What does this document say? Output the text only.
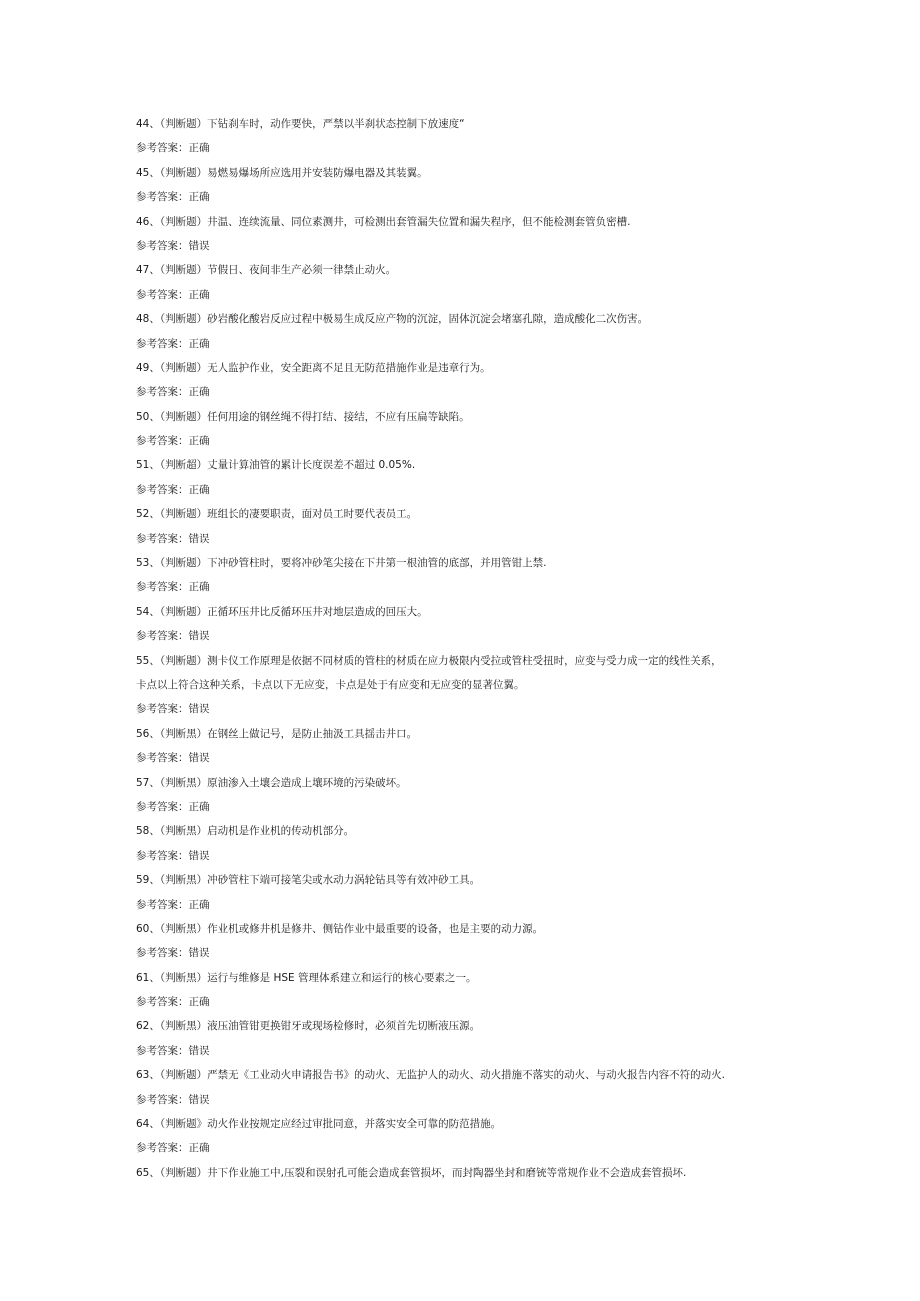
44、（判断题）下钻刹车时，动作要快，严禁以半刹状态控制下放速度“
参考答案：正确
45、（判断题）易燃易爆场所应选用并安装防爆电器及其装翼。
参考答案：正确
46、（判断题）井温、连续流量、同位素测井，可检测出套管漏失位置和漏失程序，但不能检测套管负密槽.
参考答案：错误
47、（判断题）节假日、夜间非生产必须一律禁止动火。
参考答案：正确
48、（判断题）砂岩酸化酸岩反应过程中极易生成反应产物的沉淀，固体沉淀会堵塞孔隙，造成酸化二次伤害。
参考答案：正确
49、（判断题）无人监护作业，安全距离不足且无防范措施作业是违章行为。
参考答案：正确
50、（判断题）任何用途的钢丝绳不得打结、接结，不应有压扁等缺陷。
参考答案：正确
51、（判断超）丈量计算油管的累计长度误差不超过 0.05%.
参考答案：正确
52、（判断题）班组长的凄要职责，面对员工时要代表员工。
参考答案：错误
53、（判断题）下冲砂管柱时，要将冲砂笔尖接在下井第一根油管的底部，并用管钳上禁.
参考答案：正确
54、（判断题）正循环压井比反循环压井对地层造成的回压大。
参考答案：错误
55、（判断题）测卡仪工作原理是依据不同材质的管柱的材质在应力极限内受拉或管柱受扭时，应变与受力成一定的线性关系，
卡点以上符合这种关系，卡点以下无应变，卡点是处于有应变和无应变的显著位翼。
参考答案：错误
56、（判断黑）在钢丝上做记号，是防止抽汲工具揺击井口。
参考答案：错误
57、（判断黑）原油渗入土壤会造成上壤环境的污染破坏。
参考答案：正确
58、（判断黑）启动机是作业机的传动机部分。
参考答案：错误
59、（判断黑）冲砂管柱下端可接笔尖或水动力涡轮钻具等有效冲砂工具。
参考答案：正确
60、（判断黑）作业机或修井机是修井、侧钻作业中最重要的设备，也是主要的动力源。
参考答案：错误
61、（判断黑）运行与维修是 HSE 管理体系建立和运行的核心要素之一。
参考答案：正确
62、（判断黑）液压油管钳更换钳牙或现场检修时，必须首先切断液压源。
参考答案：错误
63、（判断题）严禁无《工业动火申请报告书》的动火、无监护人的动火、动火措施不落实的动火、与动火报告内容不符的动火.
参考答案：错误
64、（判断题》动火作业按规定应经过审批同意，并落实安全可靠的防范措施。
参考答案：正确
65、（判断题）井下作业施工中,压裂和误射孔可能会造成套管损坏，而封陶器坐封和磨铳等常规作业不会造成套管损坏.
